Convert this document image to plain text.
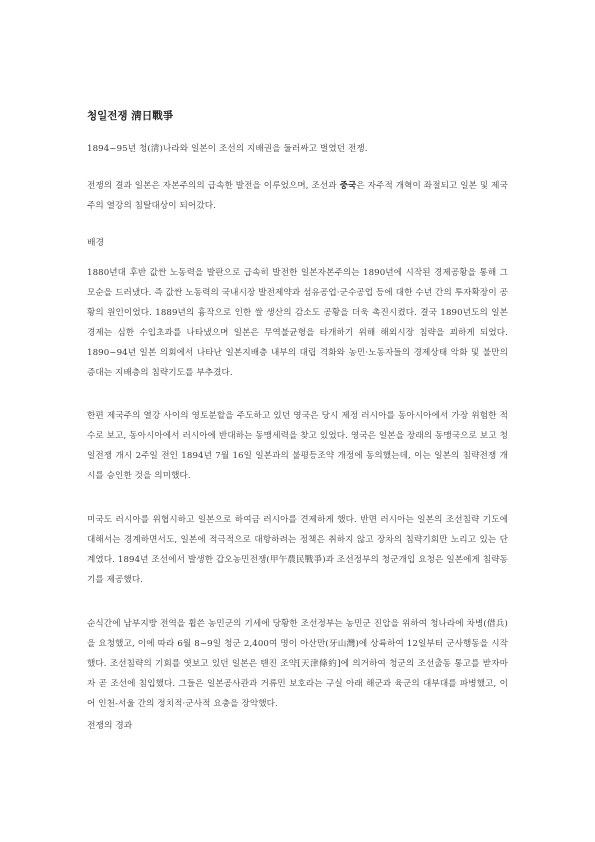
청일전쟁 淸日戰爭
1894~95년 청(淸)나라와 일본이 조선의 지배권을 둘러싸고 벌였던 전쟁.
전쟁의 결과 일본은 자본주의의 급속한 발전을 이루었으며, 조선과 중국은 자주적 개혁이 좌절되고 일본 및 제국주의 열강의 침탈대상이 되어갔다.
배경
1880년대 후반 값싼 노동력을 발판으로 급속히 발전한 일본자본주의는 1890년에 시작된 경제공황을 통해 그 모순을 드러냈다. 즉 값싼 노동력의 국내시장 발전제약과 섬유공업·군수공업 등에 대한 수년 간의 투자확장이 공황의 원인이었다. 1889년의 흉작으로 인한 쌀 생산의 감소도 공황을 더욱 촉진시켰다. 결국 1890년도의 일본경제는 심한 수입초과를 나타냈으며 일본은 무역불균형을 타개하기 위해 해외시장 침략을 꾀하게 되었다. 1890~94년 일본 의회에서 나타난 일본지배층 내부의 대립 격화와 농민·노동자들의 경제상태 악화 및 불만의 증대는 지배층의 침략기도를 부추겼다.
한편 제국주의 열강 사이의 영토분할을 주도하고 있던 영국은 당시 제정 러시아를 동아시아에서 가장 위험한 적수로 보고, 동아시아에서 러시아에 반대하는 동맹세력을 찾고 있었다. 영국은 일본을 장래의 동맹국으로 보고 청일전쟁 개시 2주일 전인 1894년 7월 16일 일본과의 불평등조약 개정에 동의했는데, 이는 일본의 침략전쟁 개시를 승인한 것을 의미했다.
미국도 러시아를 위협시하고 일본으로 하여금 러시아를 견제하게 했다. 반면 러시아는 일본의 조선침략 기도에 대해서는 경계하면서도, 일본에 적극적으로 대항하려는 정책은 취하지 않고 장차의 침략기회만 노리고 있는 단계였다. 1894년 조선에서 발생한 갑오농민전쟁(甲午農民戰爭)과 조선정부의 청군개입 요청은 일본에게 침략동기를 제공했다.
순식간에 남부지방 전역을 휩쓴 농민군의 기세에 당황한 조선정부는 농민군 진압을 위하여 청나라에 차병(借兵)을 요청했고, 이에 따라 6월 8~9일 청군 2,400여 명이 아산만(牙山灣)에 상륙하여 12일부터 군사행동을 시작했다. 조선침략의 기회를 엿보고 있던 일본은 톈진 조약[天津條約]에 의거하여 청군의 조선출동 통고를 받자마자 곧 조선에 침입했다. 그들은 일본공사관과 거류민 보호라는 구실 아래 해군과 육군의 대부대를 파병했고, 이어 인천-서울 간의 정치적·군사적 요충을 장악했다.
전쟁의 경과
